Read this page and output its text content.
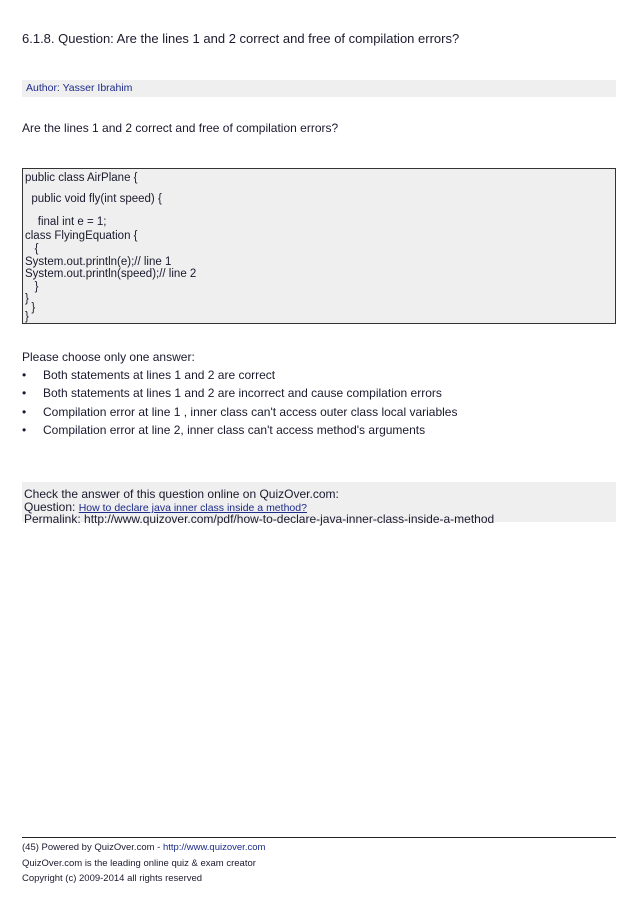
6.1.8. Question: Are the lines 1 and 2 correct and free of compilation errors?
Author: Yasser Ibrahim
Are the lines 1 and 2 correct and free of compilation errors?
public class AirPlane {
public void fly(int speed) {
final int e = 1;
class FlyingEquation {
{
System.out.println(e);// line 1
System.out.println(speed);// line 2
}
}
}
}
Please choose only one answer:
• Both statements at lines 1 and 2 are correct
• Both statements at lines 1 and 2 are incorrect and cause compilation errors
• Compilation error at line 1 , inner class can't access outer class local variables
• Compilation error at line 2, inner class can't access method's arguments
Check the answer of this question online on QuizOver.com:
Question: How to declare java inner class inside a method?
Permalink: http://www.quizover.com/pdf/how-to-declare-java-inner-class-inside-a-method
(45) Powered by QuizOver.com - http://www.quizover.com
QuizOver.com is the leading online quiz & exam creator
Copyright (c) 2009-2014 all rights reserved
